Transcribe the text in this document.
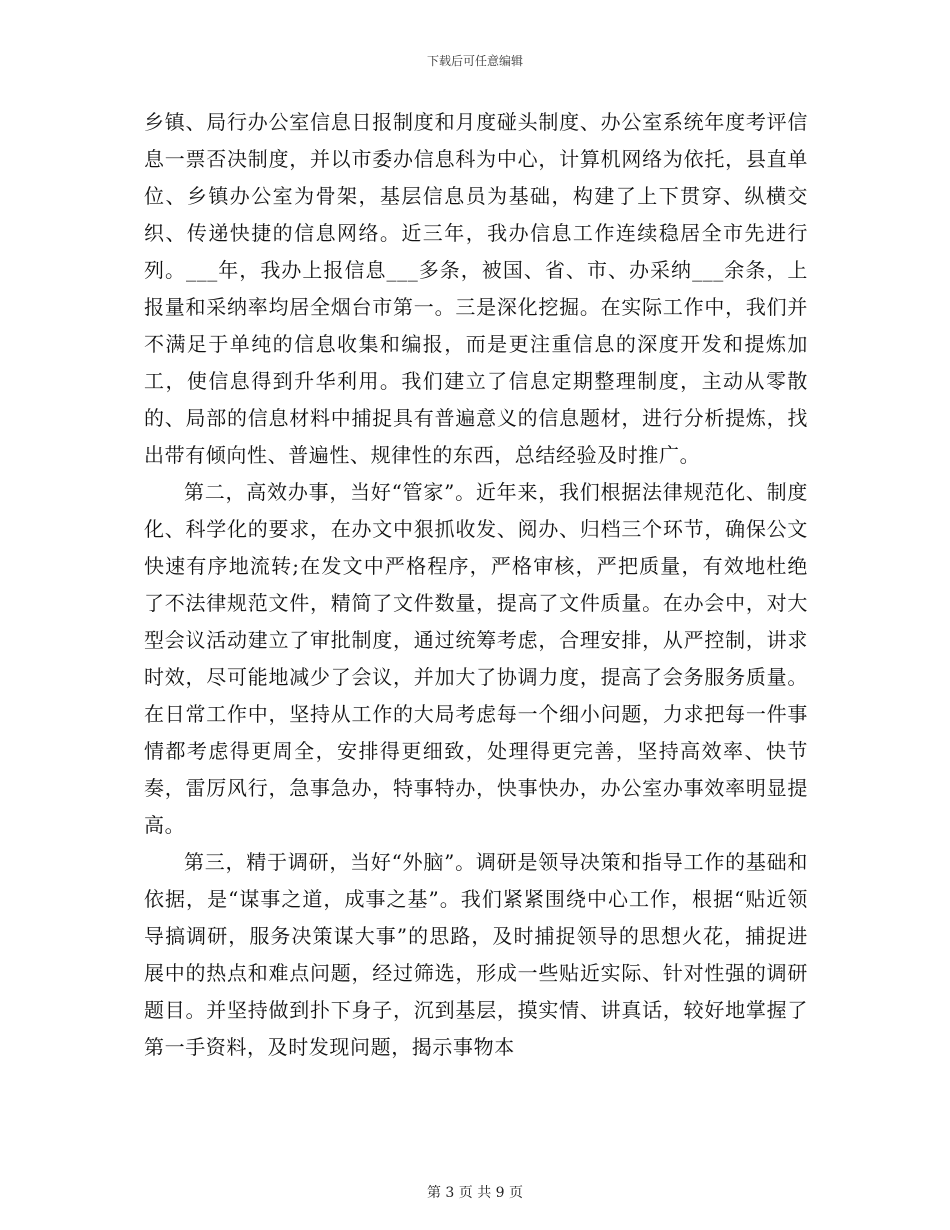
下载后可任意编辑

乡镇、局行办公室信息日报制度和月度碰头制度、办公室系统年度考评信息一票否决制度，并以市委办信息科为中心，计算机网络为依托，县直单位、乡镇办公室为骨架，基层信息员为基础，构建了上下贯穿、纵横交织、传递快捷的信息网络。近三年，我办信息工作连续稳居全市先进行列。___年，我办上报信息___多条，被国、省、市、办采纳___余条，上报量和采纳率均居全烟台市第一。三是深化挖掘。在实际工作中，我们并不满足于单纯的信息收集和编报，而是更注重信息的深度开发和提炼加工，使信息得到升华利用。我们建立了信息定期整理制度，主动从零散的、局部的信息材料中捕捉具有普遍意义的信息题材，进行分析提炼，找出带有倾向性、普遍性、规律性的东西，总结经验及时推广。

第二，高效办事，当好“管家”。近年来，我们根据法律规范化、制度化、科学化的要求，在办文中狠抓收发、阅办、归档三个环节，确保公文快速有序地流转;在发文中严格程序，严格审核，严把质量，有效地杜绝了不法律规范文件，精简了文件数量，提高了文件质量。在办会中，对大型会议活动建立了审批制度，通过统筹考虑，合理安排，从严控制，讲求时效，尽可能地减少了会议，并加大了协调力度，提高了会务服务质量。在日常工作中，坚持从工作的大局考虑每一个细小问题，力求把每一件事情都考虑得更周全，安排得更细致，处理得更完善，坚持高效率、快节奏，雷厉风行，急事急办，特事特办，快事快办，办公室办事效率明显提高。

第三，精于调研，当好“外脑”。调研是领导决策和指导工作的基础和依据，是“谋事之道，成事之基”。我们紧紧围绕中心工作，根据“贴近领导搞调研，服务决策谋大事”的思路，及时捕捉领导的思想火花，捕捉进展中的热点和难点问题，经过筛选，形成一些贴近实际、针对性强的调研题目。并坚持做到扑下身子，沉到基层，摸实情、讲真话，较好地掌握了第一手资料，及时发现问题，揭示事物本

第 3 页 共 9 页
